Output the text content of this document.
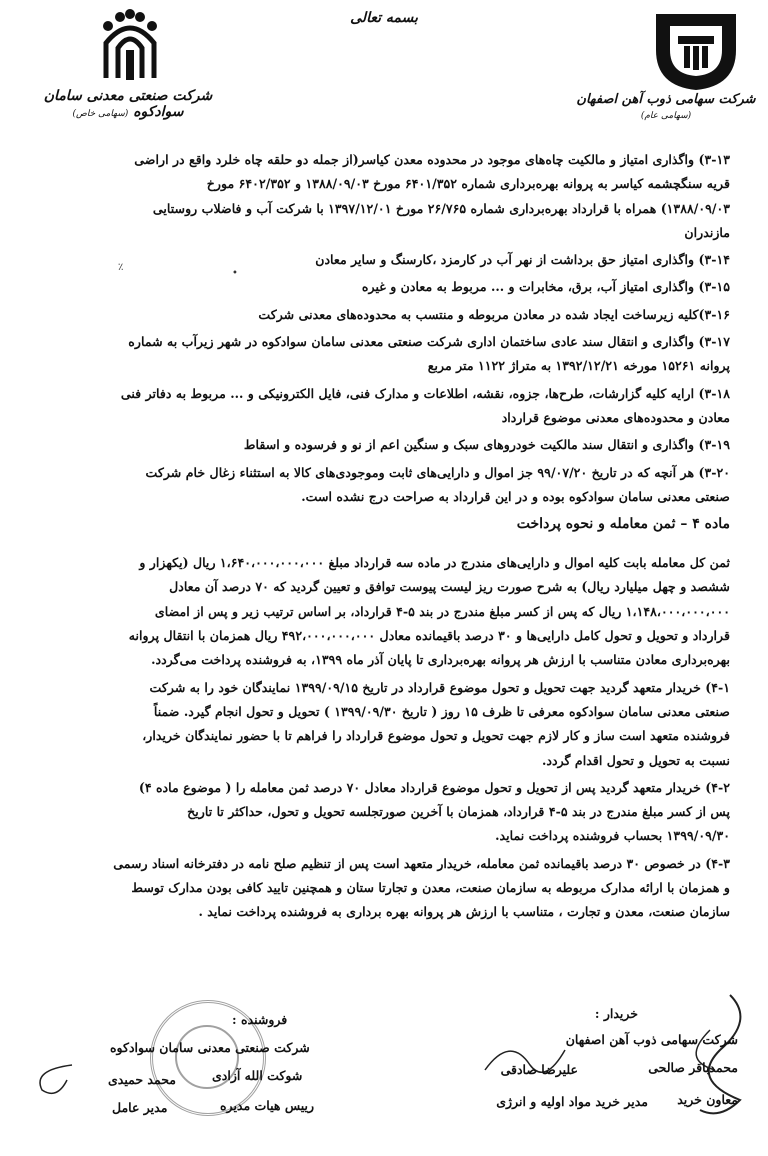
بسمه تعالی
شرکت صنعتی معدنی سامان سوادکوه (سهامی خاص)
شرکت سهامی ذوب آهن اصفهان (سهامی عام)
٪
•

۳-۱۳) واگذاری امتیاز و مالکیت چاه‌های موجود در محدوده معدن کیاسر(از جمله دو حلقه چاه خلرد واقع در اراضی

قریه سنگچشمه کیاسر به پروانه بهره‌برداری شماره ۶۴۰۱/۳۵۲ مورخ ۱۳۸۸/۰۹/۰۳ و ۶۴۰۲/۳۵۲ مورخ

۱۳۸۸/۰۹/۰۳) همراه با قرارداد بهره‌برداری شماره ۲۶/۷۶۵ مورخ ۱۳۹۷/۱۲/۰۱ با شرکت آب و فاضلاب روستایی

مازندران

۳-۱۴) واگذاری امتیاز حق برداشت از نهر آب در کارمزد ،کارسنگ و سایر معادن

۳-۱۵) واگذاری امتیاز آب، برق، مخابرات و ... مربوط به معادن و غیره

۳-۱۶)کلیه زیرساخت ایجاد شده در معادن مربوطه و منتسب به محدوده‌های معدنی شرکت

۳-۱۷) واگذاری و انتقال سند عادی ساختمان اداری شرکت صنعتی معدنی سامان سوادکوه در شهر زیرآب به شماره

پروانه ۱۵۲۶۱ مورخه ۱۳۹۲/۱۲/۲۱ به متراژ ۱۱۲۲ متر مربع

۳-۱۸) ارایه کلیه گزارشات، طرح‌ها، جزوه، نقشه، اطلاعات و مدارک فنی، فایل الکترونیکی و ... مربوط به دفاتر فنی

معادن و محدوده‌های معدنی موضوع قرارداد

۳-۱۹) واگذاری و انتقال سند مالکیت خودروهای سبک و سنگین اعم از نو و فرسوده و اسقاط

۳-۲۰) هر آنچه که در تاریخ ۹۹/۰۷/۲۰ جز اموال و دارایی‌های ثابت وموجودی‌های کالا به استثناء زغال خام شرکت

صنعتی معدنی سامان سوادکوه بوده و در این قرارداد به صراحت درج نشده است.

ماده ۴ – ثمن معامله و نحوه پرداخت

ثمن کل معامله بابت کلیه اموال و دارایی‌های مندرج در ماده سه قرارداد مبلغ ۱،۶۴۰،۰۰۰،۰۰۰،۰۰۰ ریال (یکهزار و

ششصد و چهل میلیارد ریال) به شرح صورت ریز لیست پیوست توافق و تعیین گردید که ۷۰ درصد آن معادل

۱،۱۴۸،۰۰۰،۰۰۰،۰۰۰ ریال که پس از کسر مبلغ مندرج در بند ۵-۴ قرارداد، بر اساس ترتیب زیر و پس از امضای

قرارداد و تحویل و تحول کامل دارایی‌ها و ۳۰ درصد باقیمانده معادل ۴۹۲،۰۰۰،۰۰۰،۰۰۰ ریال همزمان با انتقال پروانه

بهره‌برداری معادن متناسب با ارزش هر پروانه بهره‌برداری تا پایان آذر ماه ۱۳۹۹، به فروشنده پرداخت می‌گردد.

۴-۱) خریدار متعهد گردید جهت تحویل و تحول موضوع قرارداد در تاریخ ۱۳۹۹/۰۹/۱۵ نمایندگان خود را به شرکت

صنعتی معدنی سامان سوادکوه معرفی تا ظرف ۱۵ روز ( تاریخ ۱۳۹۹/۰۹/۳۰ ) تحویل و تحول انجام گیرد. ضمناً

فروشنده متعهد است ساز و کار لازم جهت تحویل و تحول موضوع قرارداد را فراهم تا با حضور نمایندگان خریدار،

نسبت به تحویل و تحول اقدام گردد.

۴-۲) خریدار متعهد گردید پس از تحویل و تحول موضوع قرارداد معادل ۷۰ درصد ثمن معامله را ( موضوع ماده ۴)

پس از کسر مبلغ مندرج در بند ۵-۴ قرارداد، همزمان با آخرین صورتجلسه تحویل و تحول، حداکثر تا تاریخ

۱۳۹۹/۰۹/۳۰ بحساب فروشنده پرداخت نماید.

۴-۳) در خصوص ۳۰ درصد باقیمانده ثمن معامله، خریدار متعهد است پس از تنظیم صلح نامه در دفترخانه اسناد رسمی

و همزمان با ارائه مدارک مربوطه به سازمان صنعت، معدن و تجارتا ستان و همچنین تایید کافی بودن مدارک توسط

سازمان صنعت، معدن و تجارت ، متناسب با ارزش هر پروانه بهره برداری به فروشنده پرداخت نماید .

خریدار :
شرکت سهامی ذوب آهن اصفهان
محمدباقر صالحی
علیرضا صادقی
معاون خرید
مدیر خرید مواد اولیه و انرژی
فروشنده :
شرکت صنعتی معدنی سامان سوادکوه
شوکت الله آزادی
محمد حمیدی
رییس هیات مدیره
مدیر عامل
